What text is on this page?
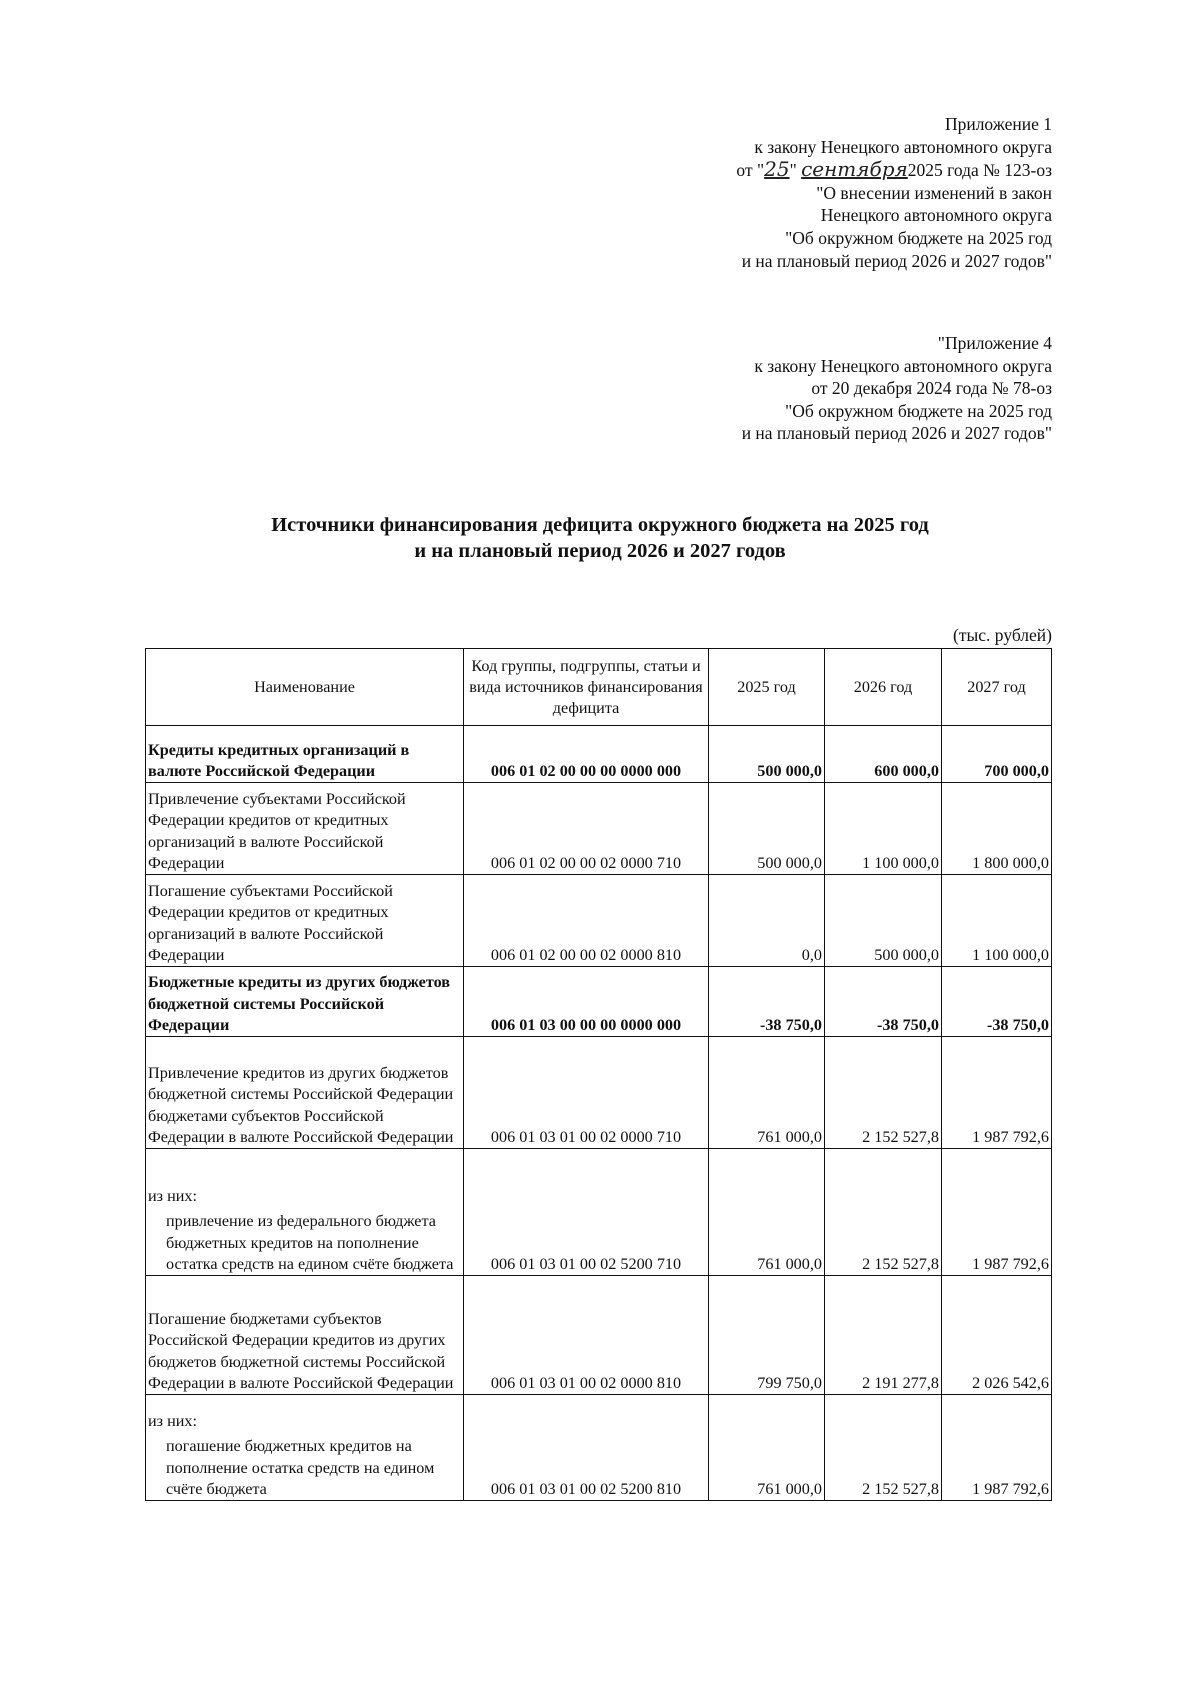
Приложение 1
к закону Ненецкого автономного округа
от "25" сентября2025 года № 123-оз
"О внесении изменений в закон
Ненецкого автономного округа
"Об окружном бюджете на 2025 год
и на плановый период 2026 и 2027 годов"
"Приложение 4
к закону Ненецкого автономного округа
от 20 декабря 2024 года № 78-оз
"Об окружном бюджете на 2025 год
и на плановый период 2026 и 2027 годов"
Источники финансирования дефицита окружного бюджета на 2025 год
и на плановый период 2026 и 2027 годов
(тыс. рублей)
Наименование	Код группы, подгруппы, статьи и вида источников финансирования дефицита	2025 год	2026 год	2027 год
Кредиты кредитных организаций в валюте Российской Федерации	006 01 02 00 00 00 0000 000	500 000,0	600 000,0	700 000,0
Привлечение субъектами Российской Федерации кредитов от кредитных организаций в валюте Российской Федерации	006 01 02 00 00 02 0000 710	500 000,0	1 100 000,0	1 800 000,0
Погашение субъектами Российской Федерации кредитов от кредитных организаций в валюте Российской Федерации	006 01 02 00 00 02 0000 810	0,0	500 000,0	1 100 000,0
Бюджетные кредиты из других бюджетов бюджетной системы Российской Федерации	006 01 03 00 00 00 0000 000	-38 750,0	-38 750,0	-38 750,0
Привлечение кредитов из других бюджетов бюджетной системы Российской Федерации бюджетами субъектов Российской Федерации в валюте Российской Федерации	006 01 03 01 00 02 0000 710	761 000,0	2 152 527,8	1 987 792,6

из них:
привлечение из федерального бюджета бюджетных кредитов на пополнение остатка средств на едином счёте бюджета	006 01 03 01 00 02 5200 710	761 000,0	2 152 527,8	1 987 792,6
Погашение бюджетами субъектов Российской Федерации кредитов из других бюджетов бюджетной системы Российской Федерации в валюте Российской Федерации	006 01 03 01 00 02 0000 810	799 750,0	2 191 277,8	2 026 542,6

из них:
погашение бюджетных кредитов на пополнение остатка средств на едином счёте бюджета	006 01 03 01 00 02 5200 810	761 000,0	2 152 527,8	1 987 792,6
